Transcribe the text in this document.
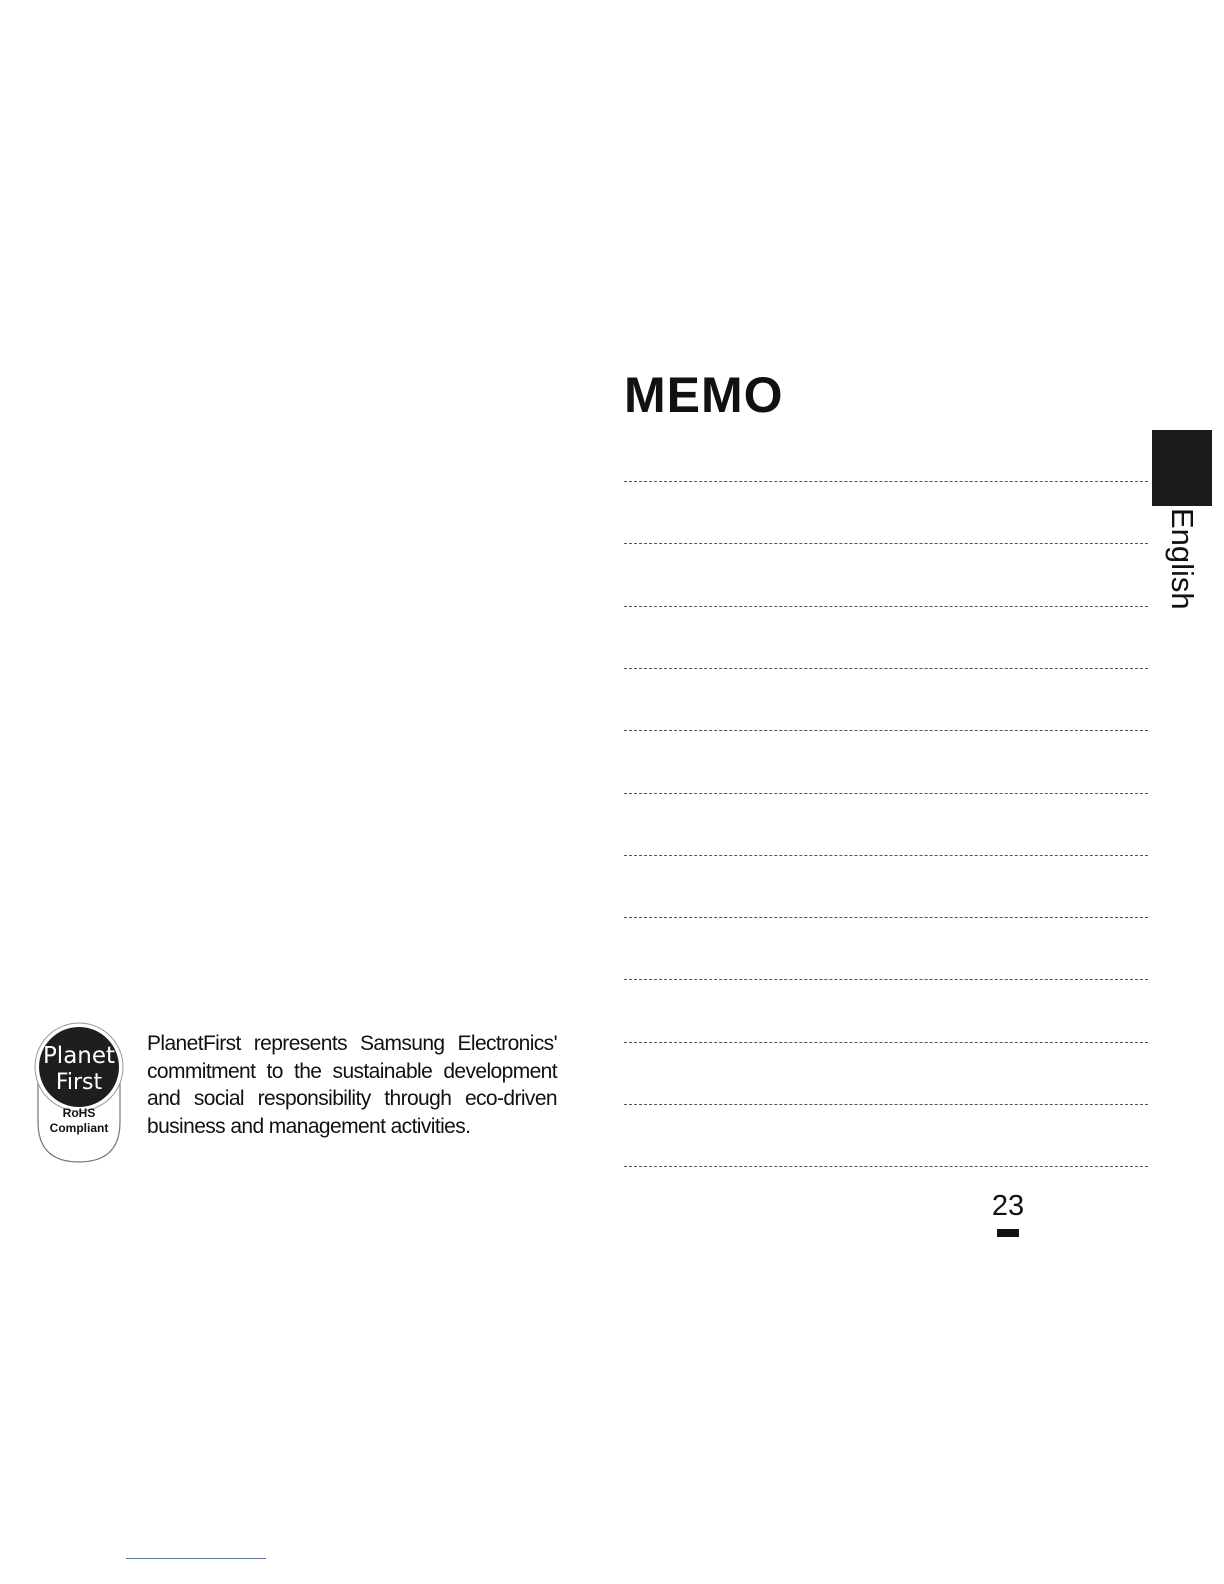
MEMO
English
Planet
First
RoHS
Compliant

PlanetFirst represents Samsung Electronics' commitment to the sustainable development and social responsibility through eco-driven business and management activities.

23
